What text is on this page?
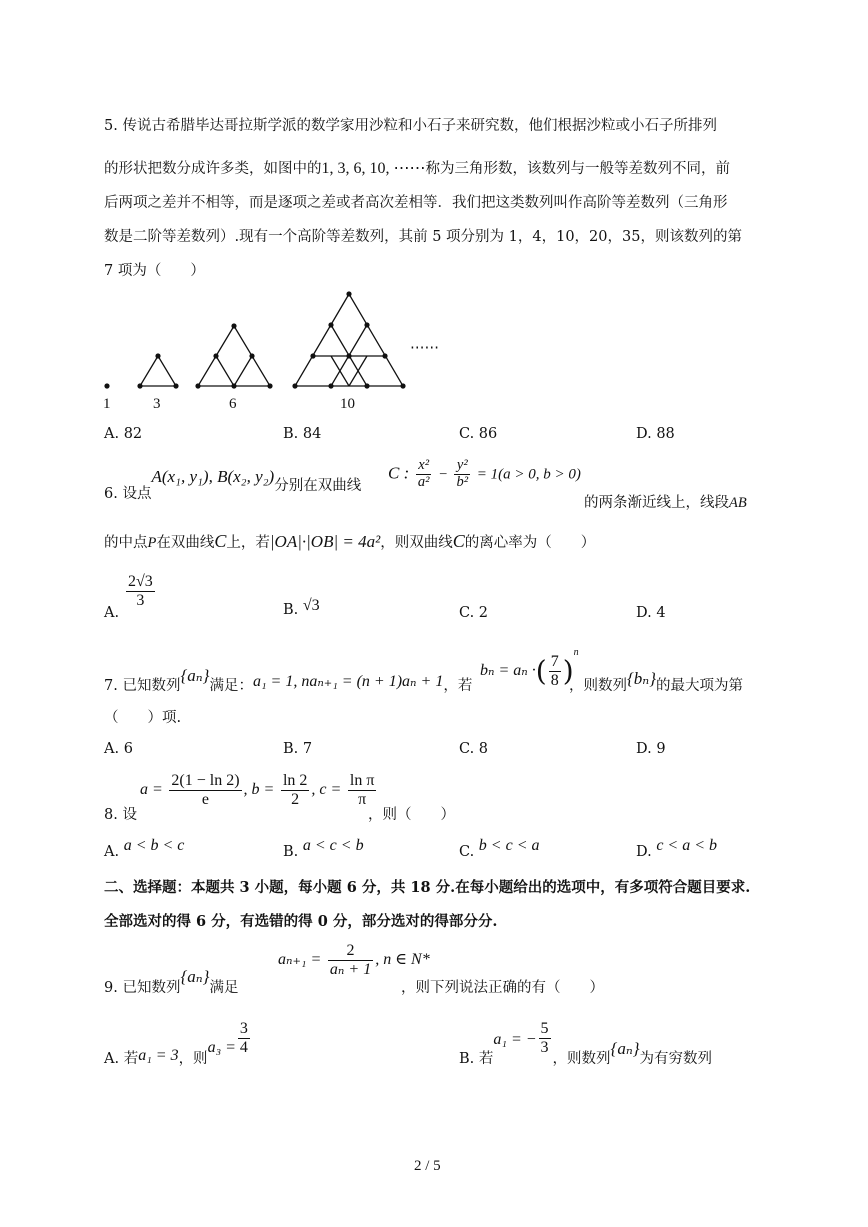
5. 传说古希腊毕达哥拉斯学派的数学家用沙粒和小石子来研究数，他们根据沙粒或小石子所排列
的形状把数分成许多类，如图中的1, 3, 6, 10, ⋯⋯称为三角形数，该数列与一般等差数列不同，前
后两项之差并不相等，而是逐项之差或者高次差相等．我们把这类数列叫作高阶等差数列（三角形
数是二阶等差数列）.现有一个高阶等差数列，其前 5 项分别为 1，4，10，20，35，则该数列的第
7 项为（　　）
⋯⋯
1	3	6	10
A. 82	B. 84	C. 86	D. 88
6. 设点A(x₁, y₁), B(x₂, y₂)分别在双曲线
C : $\frac{\text{x²}}{\text{a²}} - \frac{\text{y²}}{\text{b²}} = 1(a > 0$, b > 0)
的两条渐近线上，线段AB
的中点P在双曲线C上，若|OA|·|OB| = 4a²，则双曲线C的离心率为（　　）
A.
$\frac{2√3}{3}$
B. √3	C. 2	D. 4
7. 已知数列{aₙ}满足：a₁ = 1, naₙ₊₁ = (n + 1)aₙ + 1，若
bₙ = aₙ ·( $\frac{7}{8} )^n$
，则数列{bₙ}的最大项为第
（　　）项.
A. 6	B. 7	C. 8	D. 9
8. 设
$a = \frac{2(1 - \ln 2)}{e}$ , $b = \frac{\ln 2}{2}$ , $c = \frac{\text{ln π}}{\pi}$
，则（　　）
A. a < b < c	B. a < c < b	C. b < c < a	D. c < a < b
二、选择题：本题共 3 小题，每小题 6 分，共 18 分.在每小题给出的选项中，有多项符合题目要求.
全部选对的得 6 分，有选错的得 0 分，部分选对的得部分分.
9. 已知数列{aₙ}满足
$a_{n+1} = \frac{2}{\text{aₙ + 1}}$ , n ∈ N*
，则下列说法正确的有（　　）
A. 若a₁ = 3，则$a_3 = \frac{3}{4}$
B. 若a₁ = − $\frac{5}{3}$
，则数列{aₙ}为有穷数列
2 / 5
